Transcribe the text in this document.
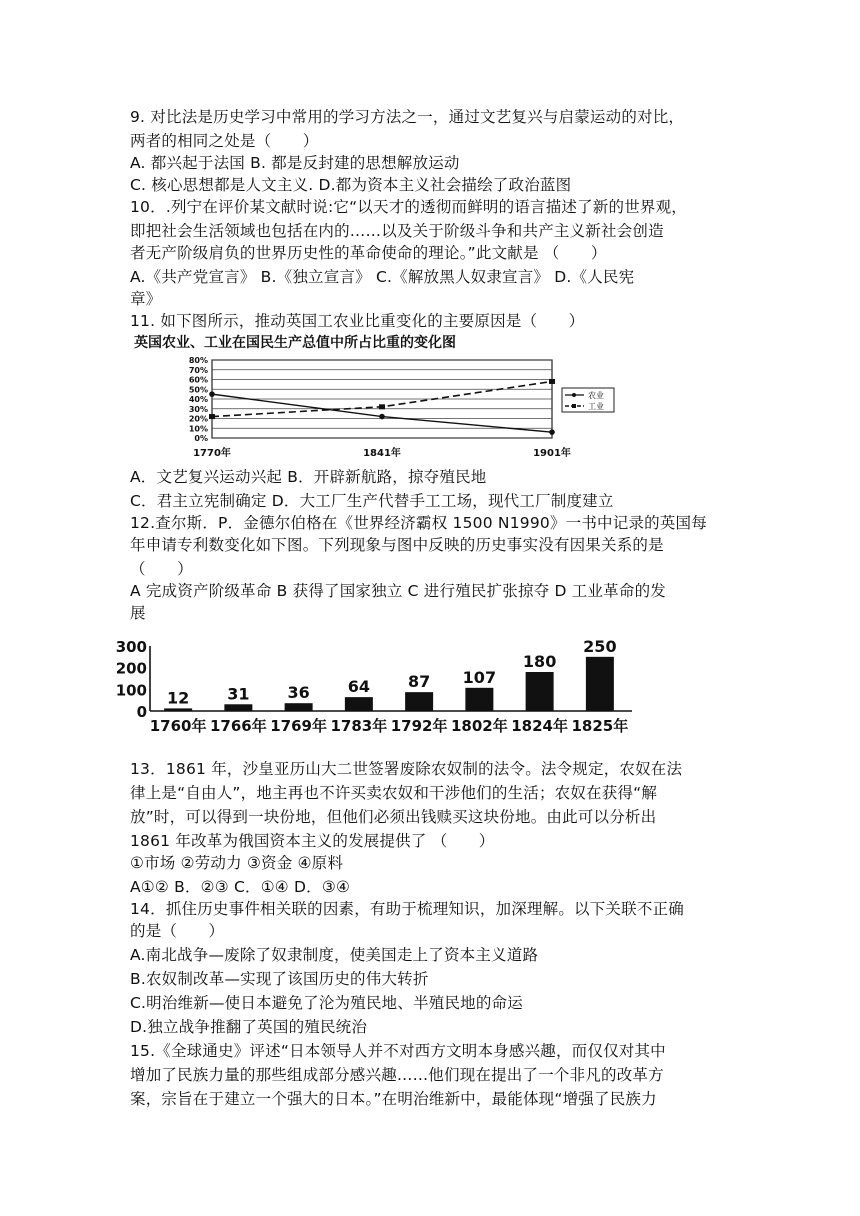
9. 对比法是历史学习中常用的学习方法之一，通过文艺复兴与启蒙运动的对比，
两者的相同之处是（　　）
A. 都兴起于法国 B. 都是反封建的思想解放运动
C. 核心思想都是人文主义. D.都为资本主义社会描绘了政治蓝图
10．.列宁在评价某文献时说:它“以天才的透彻而鲜明的语言描述了新的世界观，
即把社会生活领域也包括在内的……以及关于阶级斗争和共产主义新社会创造
者无产阶级肩负的世界历史性的革命使命的理论。”此文献是 （　　）
A.《共产党宣言》 B.《独立宣言》 C.《解放黑人奴隶宣言》 D.《人民宪
章》
11. 如下图所示，推动英国工农业比重变化的主要原因是（　　）
A．文艺复兴运动兴起 B．开辟新航路，掠夺殖民地
C．君主立宪制确定 D．大工厂生产代替手工工场，现代工厂制度建立
12.查尔斯．P．金德尔伯格在《世界经济霸权 1500 N1990》一书中记录的英国每
年申请专利数变化如下图。下列现象与图中反映的历史事实没有因果关系的是
（　　）
A 完成资产阶级革命 B 获得了国家独立 C 进行殖民扩张掠夺 D 工业革命的发
展
13．1861 年，沙皇亚历山大二世签署废除农奴制的法令。法令规定，农奴在法
律上是“自由人”，地主再也不许买卖农奴和干涉他们的生活；农奴在获得“解
放”时，可以得到一块份地，但他们必须出钱赎买这块份地。由此可以分析出
1861 年改革为俄国资本主义的发展提供了 （　　）
①市场 ②劳动力 ③资金 ④原料
A①② B．②③ C．①④ D．③④
14．抓住历史事件相关联的因素，有助于梳理知识，加深理解。以下关联不正确
的是（　　）
A.南北战争—废除了奴隶制度，使美国走上了资本主义道路
B.农奴制改革—实现了该国历史的伟大转折
C.明治维新—使日本避免了沦为殖民地、半殖民地的命运
D.独立战争推翻了英国的殖民统治
15.《全球通史》评述“日本领导人并不对西方文明本身感兴趣，而仅仅对其中
增加了民族力量的那些组成部分感兴趣……他们现在提出了一个非凡的改革方
案，宗旨在于建立一个强大的日本。”在明治维新中，最能体现“增强了民族力
英国农业、工业在国民生产总值中所占比重的变化图
80%
70%
60%
50%
40%
30%
20%
10%
0%
1770年	1841年	1901年
农业
工业
300
200
100
0
12
1760年
31
1766年
36
1769年
64
1783年
87
1792年
107
1802年
180
1824年
250
1825年
